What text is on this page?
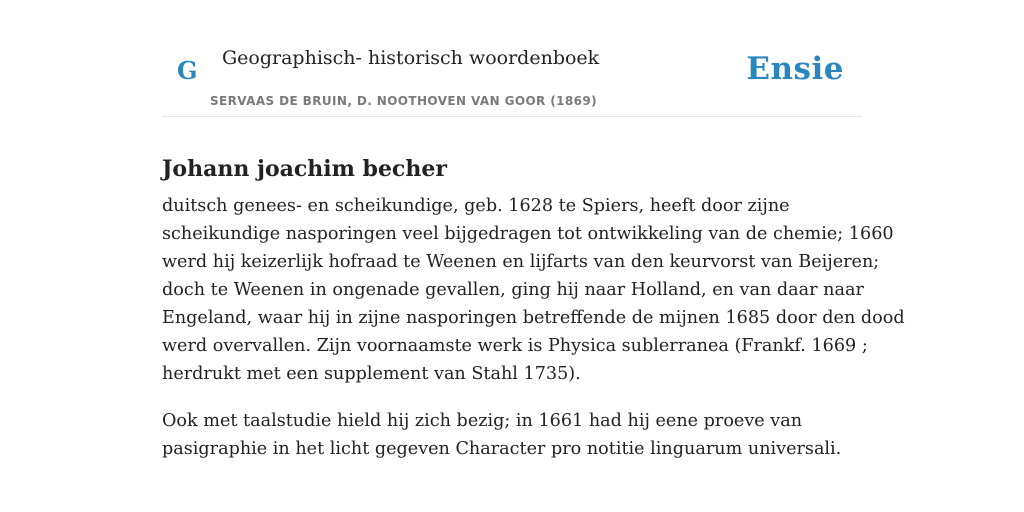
G Geographisch- historisch woordenboek
SERVAAS DE BRUIN, D. NOOTHOVEN VAN GOOR (1869)
Ensie
Johann joachim becher

duitsch genees- en scheikundige, geb. 1628 te Spiers, heeft door zijne
scheikundige nasporingen veel bijgedragen tot ontwikkeling van de chemie; 1660
werd hij keizerlijk hofraad te Weenen en lijfarts van den keurvorst van Beijeren;
doch te Weenen in ongenade gevallen, ging hij naar Holland, en van daar naar
Engeland, waar hij in zijne nasporingen betreffende de mijnen 1685 door den dood
werd overvallen. Zijn voornaamste werk is Physica sublerranea (Frankf. 1669 ;
herdrukt met een supplement van Stahl 1735).

Ook met taalstudie hield hij zich bezig; in 1661 had hij eene proeve van
pasigraphie in het licht gegeven Character pro notitie linguarum universali.
